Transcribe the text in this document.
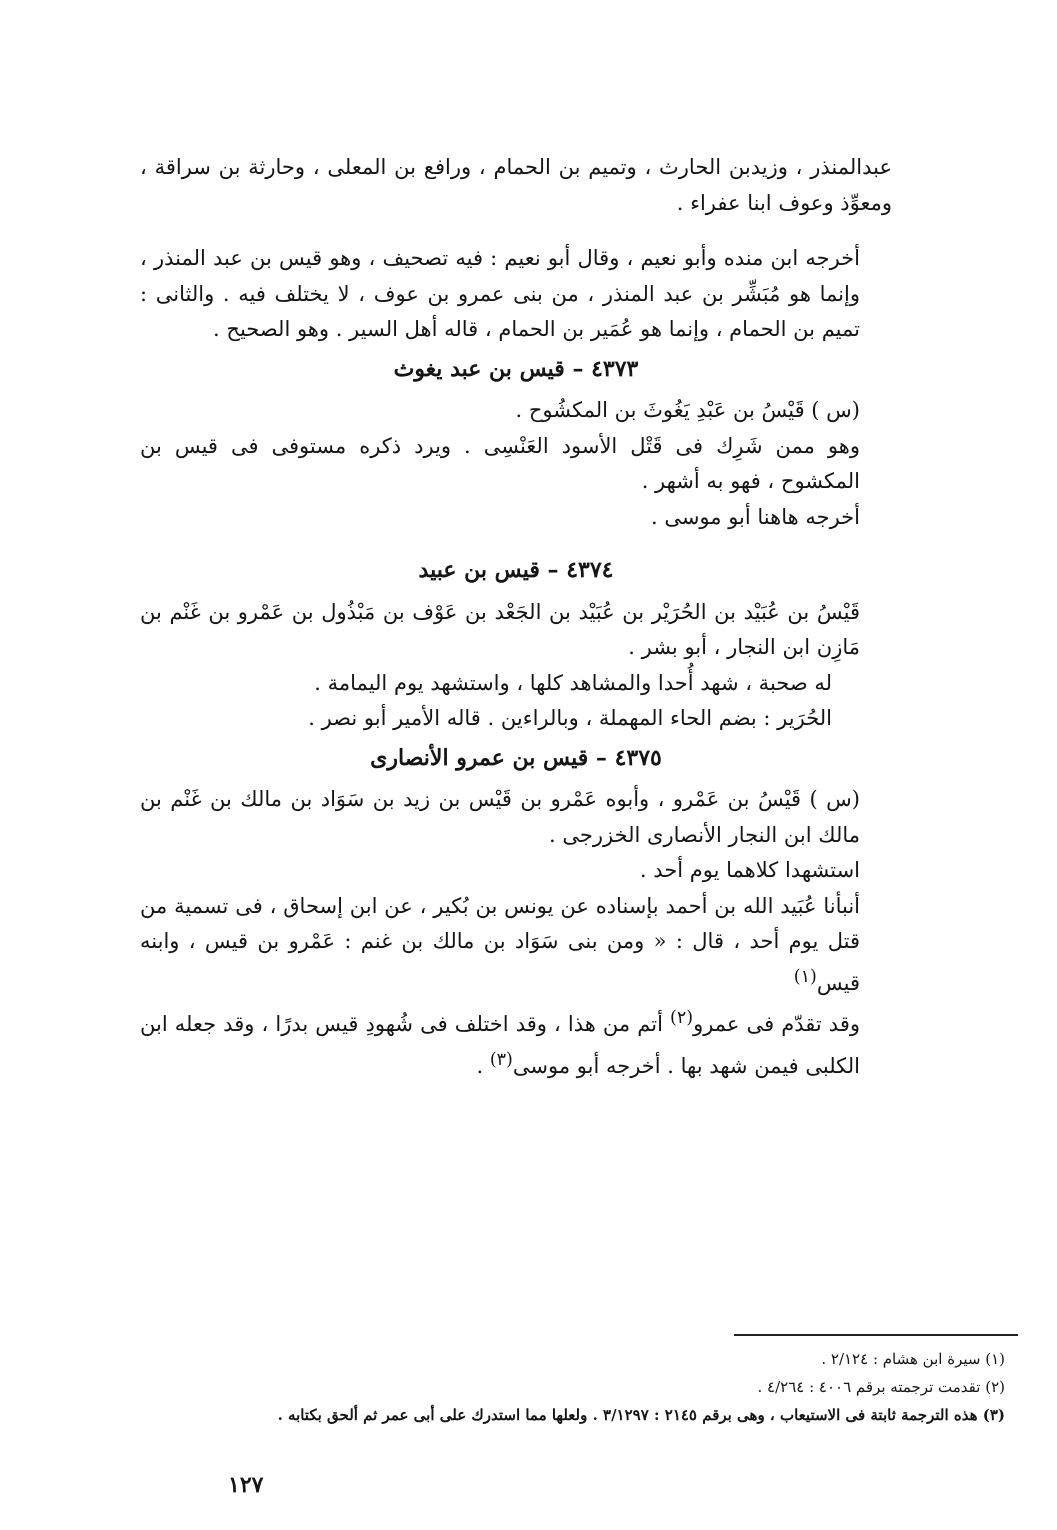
عبدالمنذر ، وزيدبن الحارث ، وتميم بن الحمام ، ورافع بن المعلى ، وحارثة بن سراقة ، ومعوِّذ وعوف ابنا عفراء .

أخرجه ابن منده وأبو نعيم ، وقال أبو نعيم : فيه تصحيف ، وهو قيس بن عبد المنذر ، وإنما هو مُبَشِّر بن عبد المنذر ، من بنى عمرو بن عوف ، لا يختلف فيه . والثانى : تميم بن الحمام ، وإنما هو عُمَير بن الحمام ، قاله أهل السير . وهو الصحيح .

٤٣٧٣ – قيس بن عبد يغوث

(س ) قَيْسُ بن عَبْدِ يَغُوثَ بن المكشُوح .

وهو ممن شَرِك فى قَتْل الأسود العَنْسِى . ويرد ذكره مستوفى فى قيس بن المكشوح ، فهو به أشهر .

أخرجه هاهنا أبو موسى .

٤٣٧٤ – قيس بن عبيد

قَيْسُ بن عُبَيْد بن الحُرَيْر بن عُبَيْد بن الجَعْد بن عَوْف بن مَبْذُول بن عَمْرو بن غَنْم بن مَازِن ابن النجار ، أبو بشر .

له صحبة ، شهد أُحدا والمشاهد كلها ، واستشهد يوم اليمامة .

الحُرَير : بضم الحاء المهملة ، وبالراءين . قاله الأمير أبو نصر .

٤٣٧٥ – قيس بن عمرو الأنصارى

(س ) قَيْسُ بن عَمْرو ، وأبوه عَمْرو بن قَيْس بن زيد بن سَوَاد بن مالك بن غَنْم بن مالك ابن النجار الأنصارى الخزرجى .

استشهدا كلاهما يوم أحد .

أنبأنا عُبَيد الله بن أحمد بإسناده عن يونس بن بُكير ، عن ابن إسحاق ، فى تسمية من قتل يوم أحد ، قال : « ومن بنى سَوَاد بن مالك بن غنم : عَمْرو بن قيس ، وابنه قيس$^{(١)}$

وقد تقدّم فى عمرو$^{(٢)}$ أتم من هذا ، وقد اختلف فى شُهودِ قيس بدرًا ، وقد جعله ابن الكلبى فيمن شهد بها . أخرجه أبو موسى$^{(٣)}$ .

(١) سيرة ابن هشام : ٢/١٢٤ .

(٢) تقدمت ترجمته برقم ٤٠٠٦ : ٤/٢٦٤ .

(٣) هذه الترجمة ثابتة فى الاستيعاب ، وهى برقم ٢١٤٥ : ٣/١٢٩٧ . ولعلها مما استدرك على أبى عمر ثم ألحق بكتابه .

١٢٧
